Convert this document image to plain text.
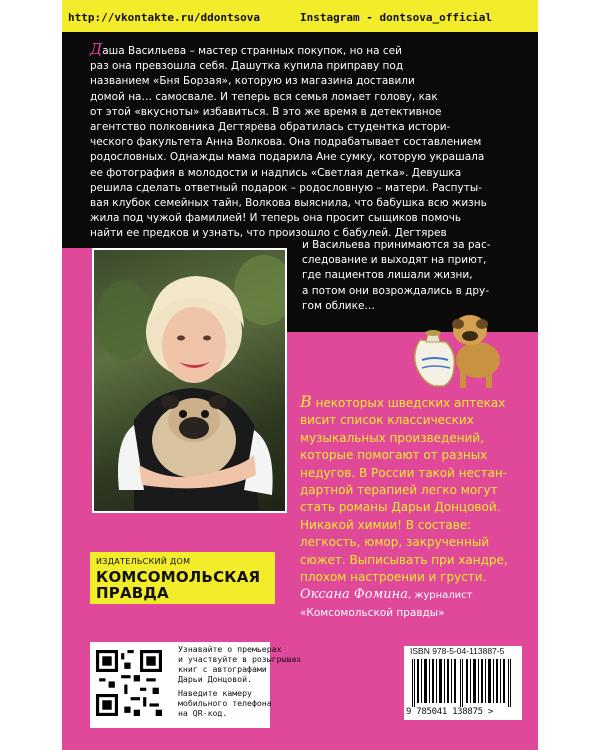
http://vkontakte.ru/ddontsova	Instagram - dontsova_official
Даша Васильева – мастер странных покупок, но на сей
раз она превзошла себя. Дашутка купила приправу под
названием «Бня Борзая», которую из магазина доставили
домой на… самосвале. И теперь вся семья ломает голову, как
от этой «вкусноты» избавиться. В это же время в детективное
агентство полковника Дегтярева обратилась студентка истори-
ческого факультета Анна Волкова. Она подрабатывает составлением
родословных. Однажды мама подарила Ане сумку, которую украшала
ее фотография в молодости и надпись «Светлая детка». Девушка
решила сделать ответный подарок – родословную – матери. Распуты-
вая клубок семейных тайн, Волкова выяснила, что бабушка всю жизнь
жила под чужой фамилией! И теперь она просит сыщиков помочь
найти ее предков и узнать, что произошло с бабулей. Дегтярев
и Васильева принимаются за рас-
следование и выходят на приют,
где пациентов лишали жизни,
а потом они возрождались в дру-
гом облике…
В некоторых шведских аптеках
висит список классических
музыкальных произведений,
которые помогают от разных
недугов. В России такой нестан-
дартной терапией легко могут
стать романы Дарьи Донцовой.
Никакой химии! В составе:
легкость, юмор, закрученный
сюжет. Выписывать при хандре,
плохом настроении и грусти.
Оксана Фомина, журналист
«Комсомольской правды»
ИЗДАТЕЛЬСКИЙ ДОМ
КОМСОМОЛЬСКАЯ
ПРАВДА
Узнавайте о премьерах
и участвуйте в розыгрышах
книг с автографами
Дарьи Донцовой.
Наведите камеру
мобильного телефона
на QR-код.
ISBN 978-5-04-113887-5
9 785041 138875 >
